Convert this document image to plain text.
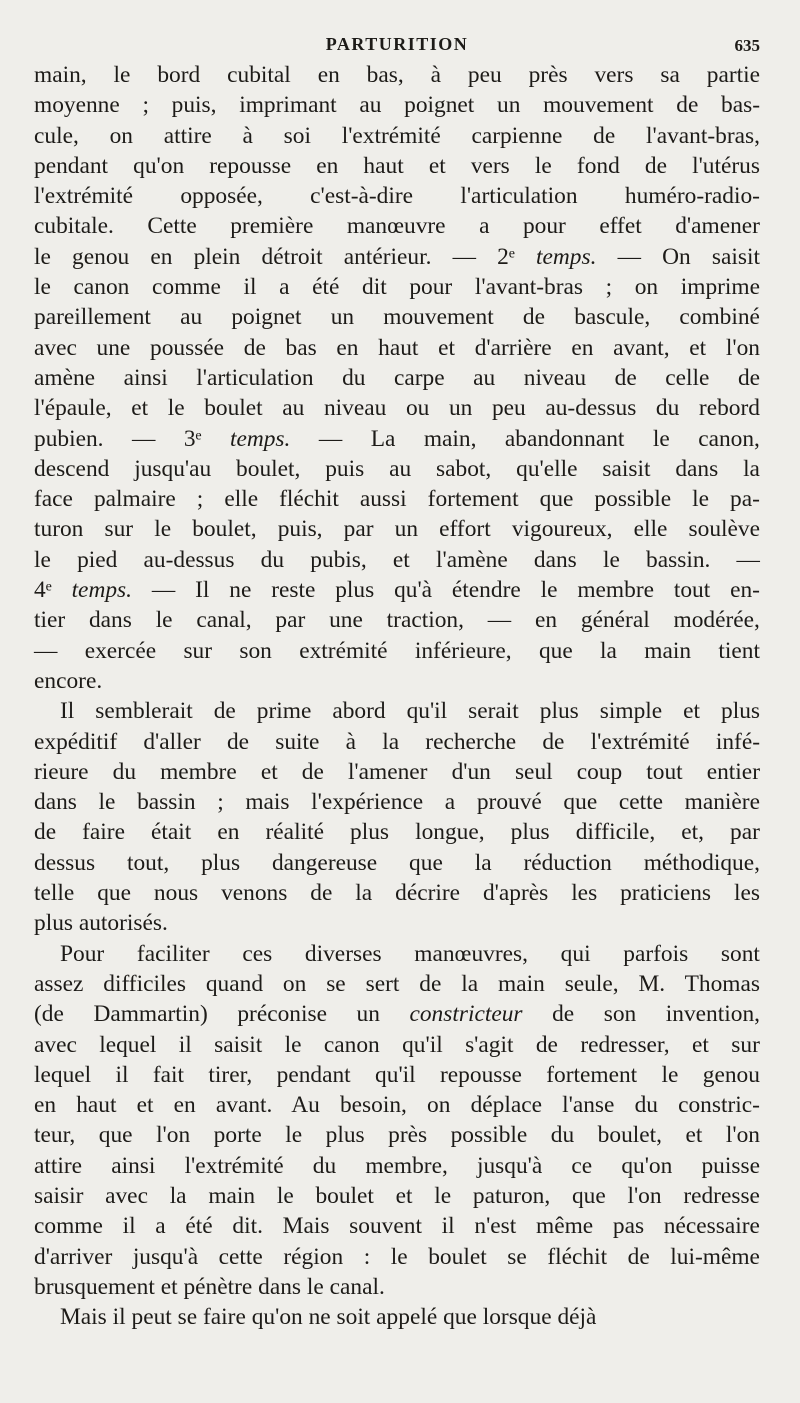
PARTURITION	635
main, le bord cubital en bas, à peu près vers sa partie
moyenne ; puis, imprimant au poignet un mouvement de bas-
cule, on attire à soi l'extrémité carpienne de l'avant-bras,
pendant qu'on repousse en haut et vers le fond de l'utérus
l'extrémité opposée, c'est-à-dire l'articulation huméro-radio-
cubitale. Cette première manœuvre a pour effet d'amener
le genou en plein détroit antérieur. — 2ᵉ temps. — On saisit
le canon comme il a été dit pour l'avant-bras ; on imprime
pareillement au poignet un mouvement de bascule, combiné
avec une poussée de bas en haut et d'arrière en avant, et l'on
amène ainsi l'articulation du carpe au niveau de celle de
l'épaule, et le boulet au niveau ou un peu au-dessus du rebord
pubien. — 3ᵉ temps. — La main, abandonnant le canon,
descend jusqu'au boulet, puis au sabot, qu'elle saisit dans la
face palmaire ; elle fléchit aussi fortement que possible le pa-
turon sur le boulet, puis, par un effort vigoureux, elle soulève
le pied au-dessus du pubis, et l'amène dans le bassin. —
4ᵉ temps. — Il ne reste plus qu'à étendre le membre tout en-
tier dans le canal, par une traction, — en général modérée,
— exercée sur son extrémité inférieure, que la main tient
encore.
Il semblerait de prime abord qu'il serait plus simple et plus
expéditif d'aller de suite à la recherche de l'extrémité infé-
rieure du membre et de l'amener d'un seul coup tout entier
dans le bassin ; mais l'expérience a prouvé que cette manière
de faire était en réalité plus longue, plus difficile, et, par
dessus tout, plus dangereuse que la réduction méthodique,
telle que nous venons de la décrire d'après les praticiens les
plus autorisés.
Pour faciliter ces diverses manœuvres, qui parfois sont
assez difficiles quand on se sert de la main seule, M. Thomas
(de Dammartin) préconise un constricteur de son invention,
avec lequel il saisit le canon qu'il s'agit de redresser, et sur
lequel il fait tirer, pendant qu'il repousse fortement le genou
en haut et en avant. Au besoin, on déplace l'anse du constric-
teur, que l'on porte le plus près possible du boulet, et l'on
attire ainsi l'extrémité du membre, jusqu'à ce qu'on puisse
saisir avec la main le boulet et le paturon, que l'on redresse
comme il a été dit. Mais souvent il n'est même pas nécessaire
d'arriver jusqu'à cette région : le boulet se fléchit de lui-même
brusquement et pénètre dans le canal.
Mais il peut se faire qu'on ne soit appelé que lorsque déjà
